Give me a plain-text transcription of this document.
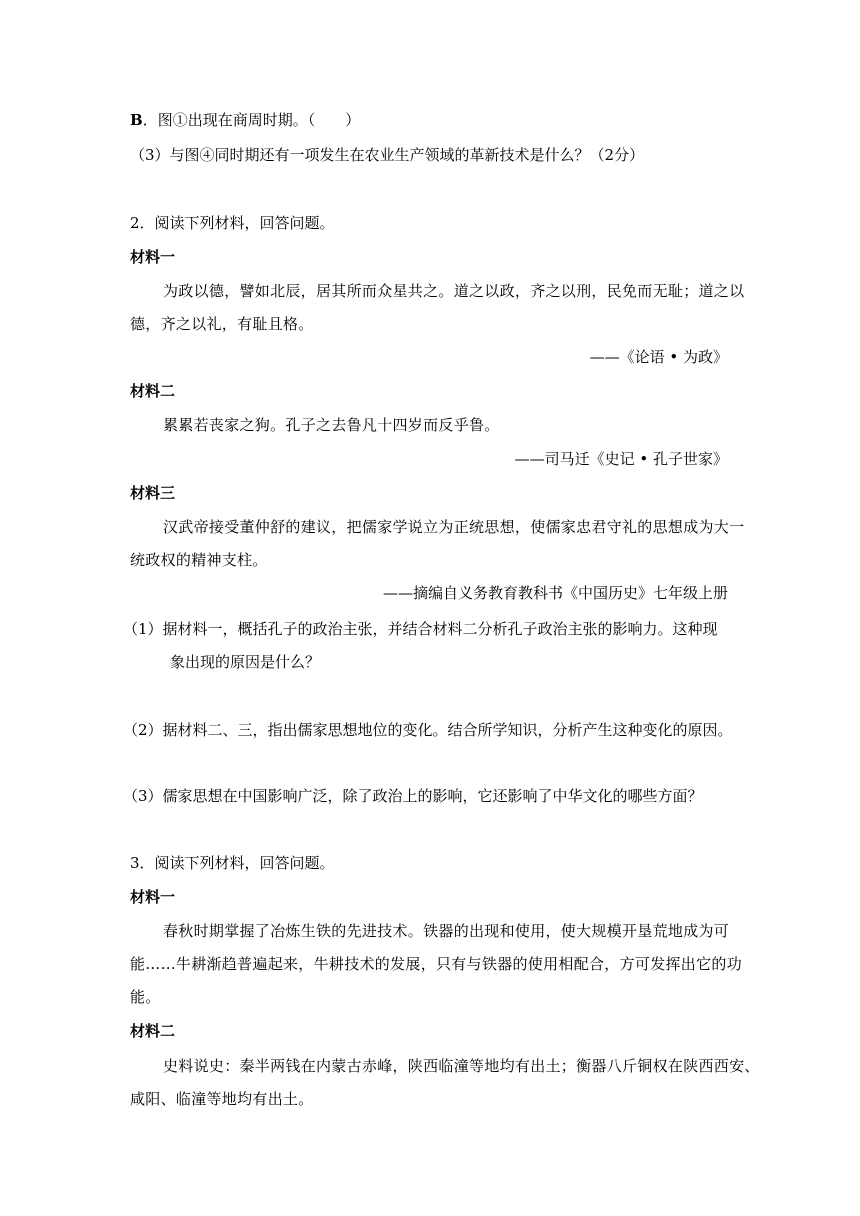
B．图①出现在商周时期。（　　）
（3）与图④同时期还有一项发生在农业生产领域的革新技术是什么？（2分）
2．阅读下列材料，回答问题。
材料一
为政以德，譬如北辰，居其所而众星共之。道之以政，齐之以刑，民免而无耻；道之以
德，齐之以礼，有耻且格。
——《论语 • 为政》
材料二
累累若丧家之狗。孔子之去鲁凡十四岁而反乎鲁。
——司马迁《史记 • 孔子世家》
材料三
汉武帝接受董仲舒的建议，把儒家学说立为正统思想，使儒家忠君守礼的思想成为大一
统政权的精神支柱。
——摘编自义务教育教科书《中国历史》七年级上册
（1）据材料一，概括孔子的政治主张，并结合材料二分析孔子政治主张的影响力。这种现
象出现的原因是什么？
（2）据材料二、三，指出儒家思想地位的变化。结合所学知识，分析产生这种变化的原因。
（3）儒家思想在中国影响广泛，除了政治上的影响，它还影响了中华文化的哪些方面？
3．阅读下列材料，回答问题。
材料一
春秋时期掌握了冶炼生铁的先进技术。铁器的出现和使用，使大规模开垦荒地成为可
能……牛耕渐趋普遍起来，牛耕技术的发展，只有与铁器的使用相配合，方可发挥出它的功
能。
材料二
史料说史：秦半两钱在内蒙古赤峰，陕西临潼等地均有出土；衡器八斤铜权在陕西西安、
咸阳、临潼等地均有出土。
